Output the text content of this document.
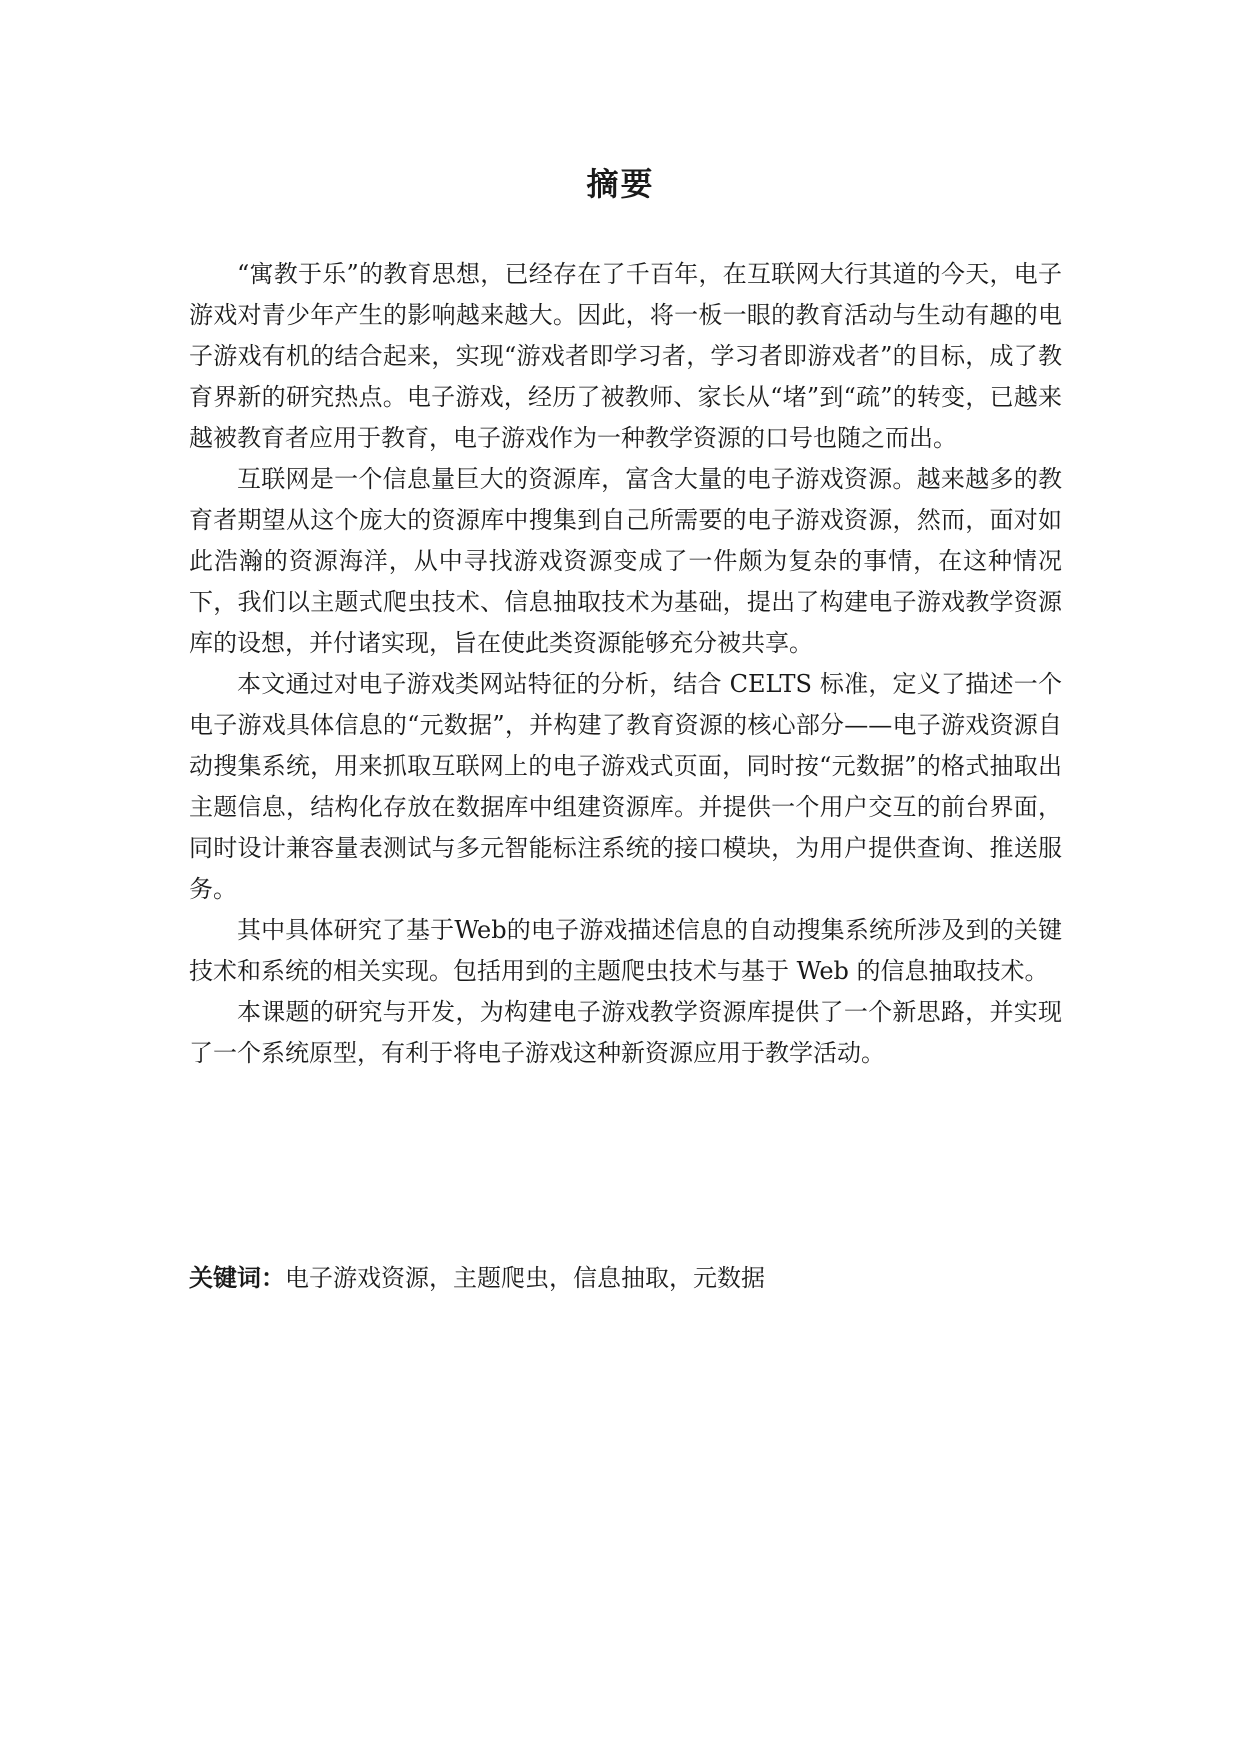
摘要

“寓教于乐”的教育思想，已经存在了千百年，在互联网大行其道的今天，电子游戏对青少年产生的影响越来越大。因此，将一板一眼的教育活动与生动有趣的电子游戏有机的结合起来，实现“游戏者即学习者，学习者即游戏者”的目标，成了教育界新的研究热点。电子游戏，经历了被教师、家长从“堵”到“疏”的转变，已越来越被教育者应用于教育，电子游戏作为一种教学资源的口号也随之而出。

互联网是一个信息量巨大的资源库，富含大量的电子游戏资源。越来越多的教育者期望从这个庞大的资源库中搜集到自己所需要的电子游戏资源，然而，面对如此浩瀚的资源海洋，从中寻找游戏资源变成了一件颇为复杂的事情，在这种情况下，我们以主题式爬虫技术、信息抽取技术为基础，提出了构建电子游戏教学资源库的设想，并付诸实现，旨在使此类资源能够充分被共享。

本文通过对电子游戏类网站特征的分析，结合 CELTS 标准，定义了描述一个电子游戏具体信息的“元数据”，并构建了教育资源的核心部分——电子游戏资源自动搜集系统，用来抓取互联网上的电子游戏式页面，同时按“元数据”的格式抽取出主题信息，结构化存放在数据库中组建资源库。并提供一个用户交互的前台界面，同时设计兼容量表测试与多元智能标注系统的接口模块，为用户提供查询、推送服务。

其中具体研究了基于Web的电子游戏描述信息的自动搜集系统所涉及到的关键技术和系统的相关实现。包括用到的主题爬虫技术与基于 Web 的信息抽取技术。

本课题的研究与开发，为构建电子游戏教学资源库提供了一个新思路，并实现了一个系统原型，有利于将电子游戏这种新资源应用于教学活动。

关键词：电子游戏资源，主题爬虫，信息抽取，元数据
